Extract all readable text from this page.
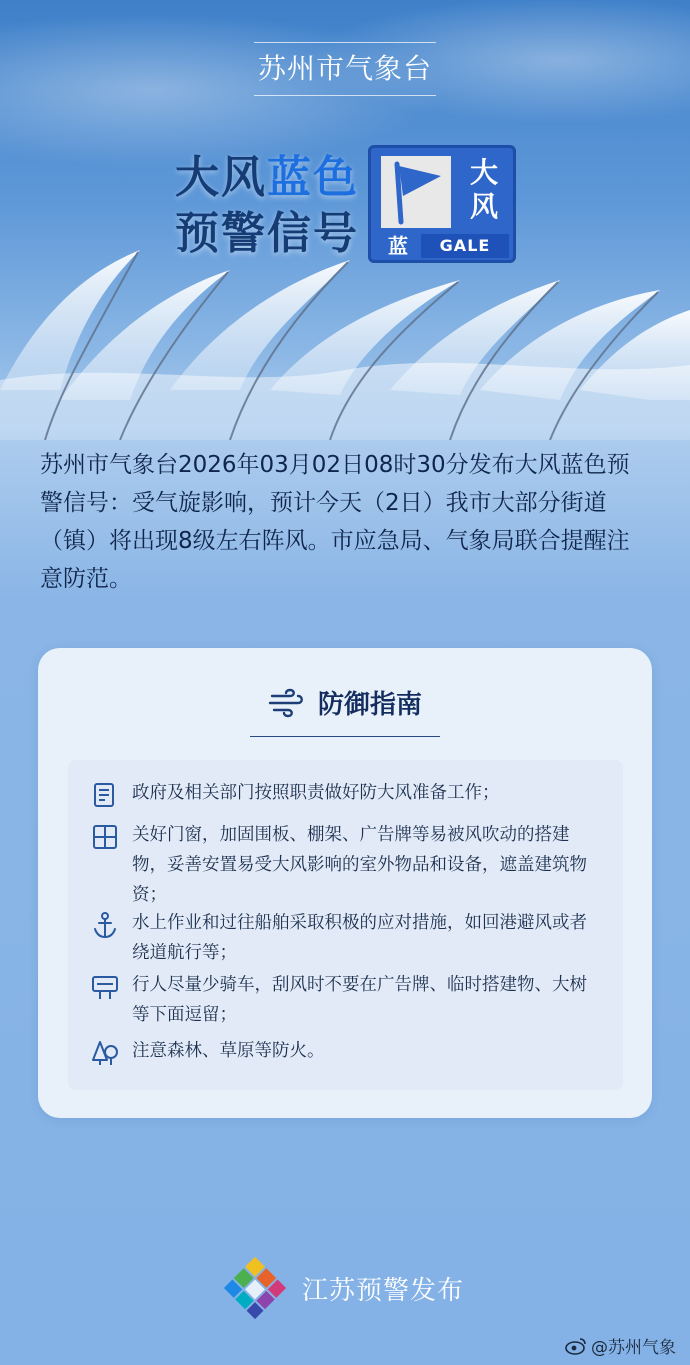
苏州市气象台
大风蓝色
预警信号
大
风
蓝	GALE
苏州市气象台2026年03月02日08时30分发布大风蓝色预警信号：受气旋影响，预计今天（2日）我市大部分街道（镇）将出现8级左右阵风。市应急局、气象局联合提醒注意防范。
防御指南
政府及相关部门按照职责做好防大风准备工作；
关好门窗，加固围板、棚架、广告牌等易被风吹动的搭建物，妥善安置易受大风影响的室外物品和设备，遮盖建筑物资；
水上作业和过往船舶采取积极的应对措施，如回港避风或者绕道航行等；
行人尽量少骑车，刮风时不要在广告牌、临时搭建物、大树等下面逗留；
注意森林、草原等防火。
江苏预警发布
@苏州气象
